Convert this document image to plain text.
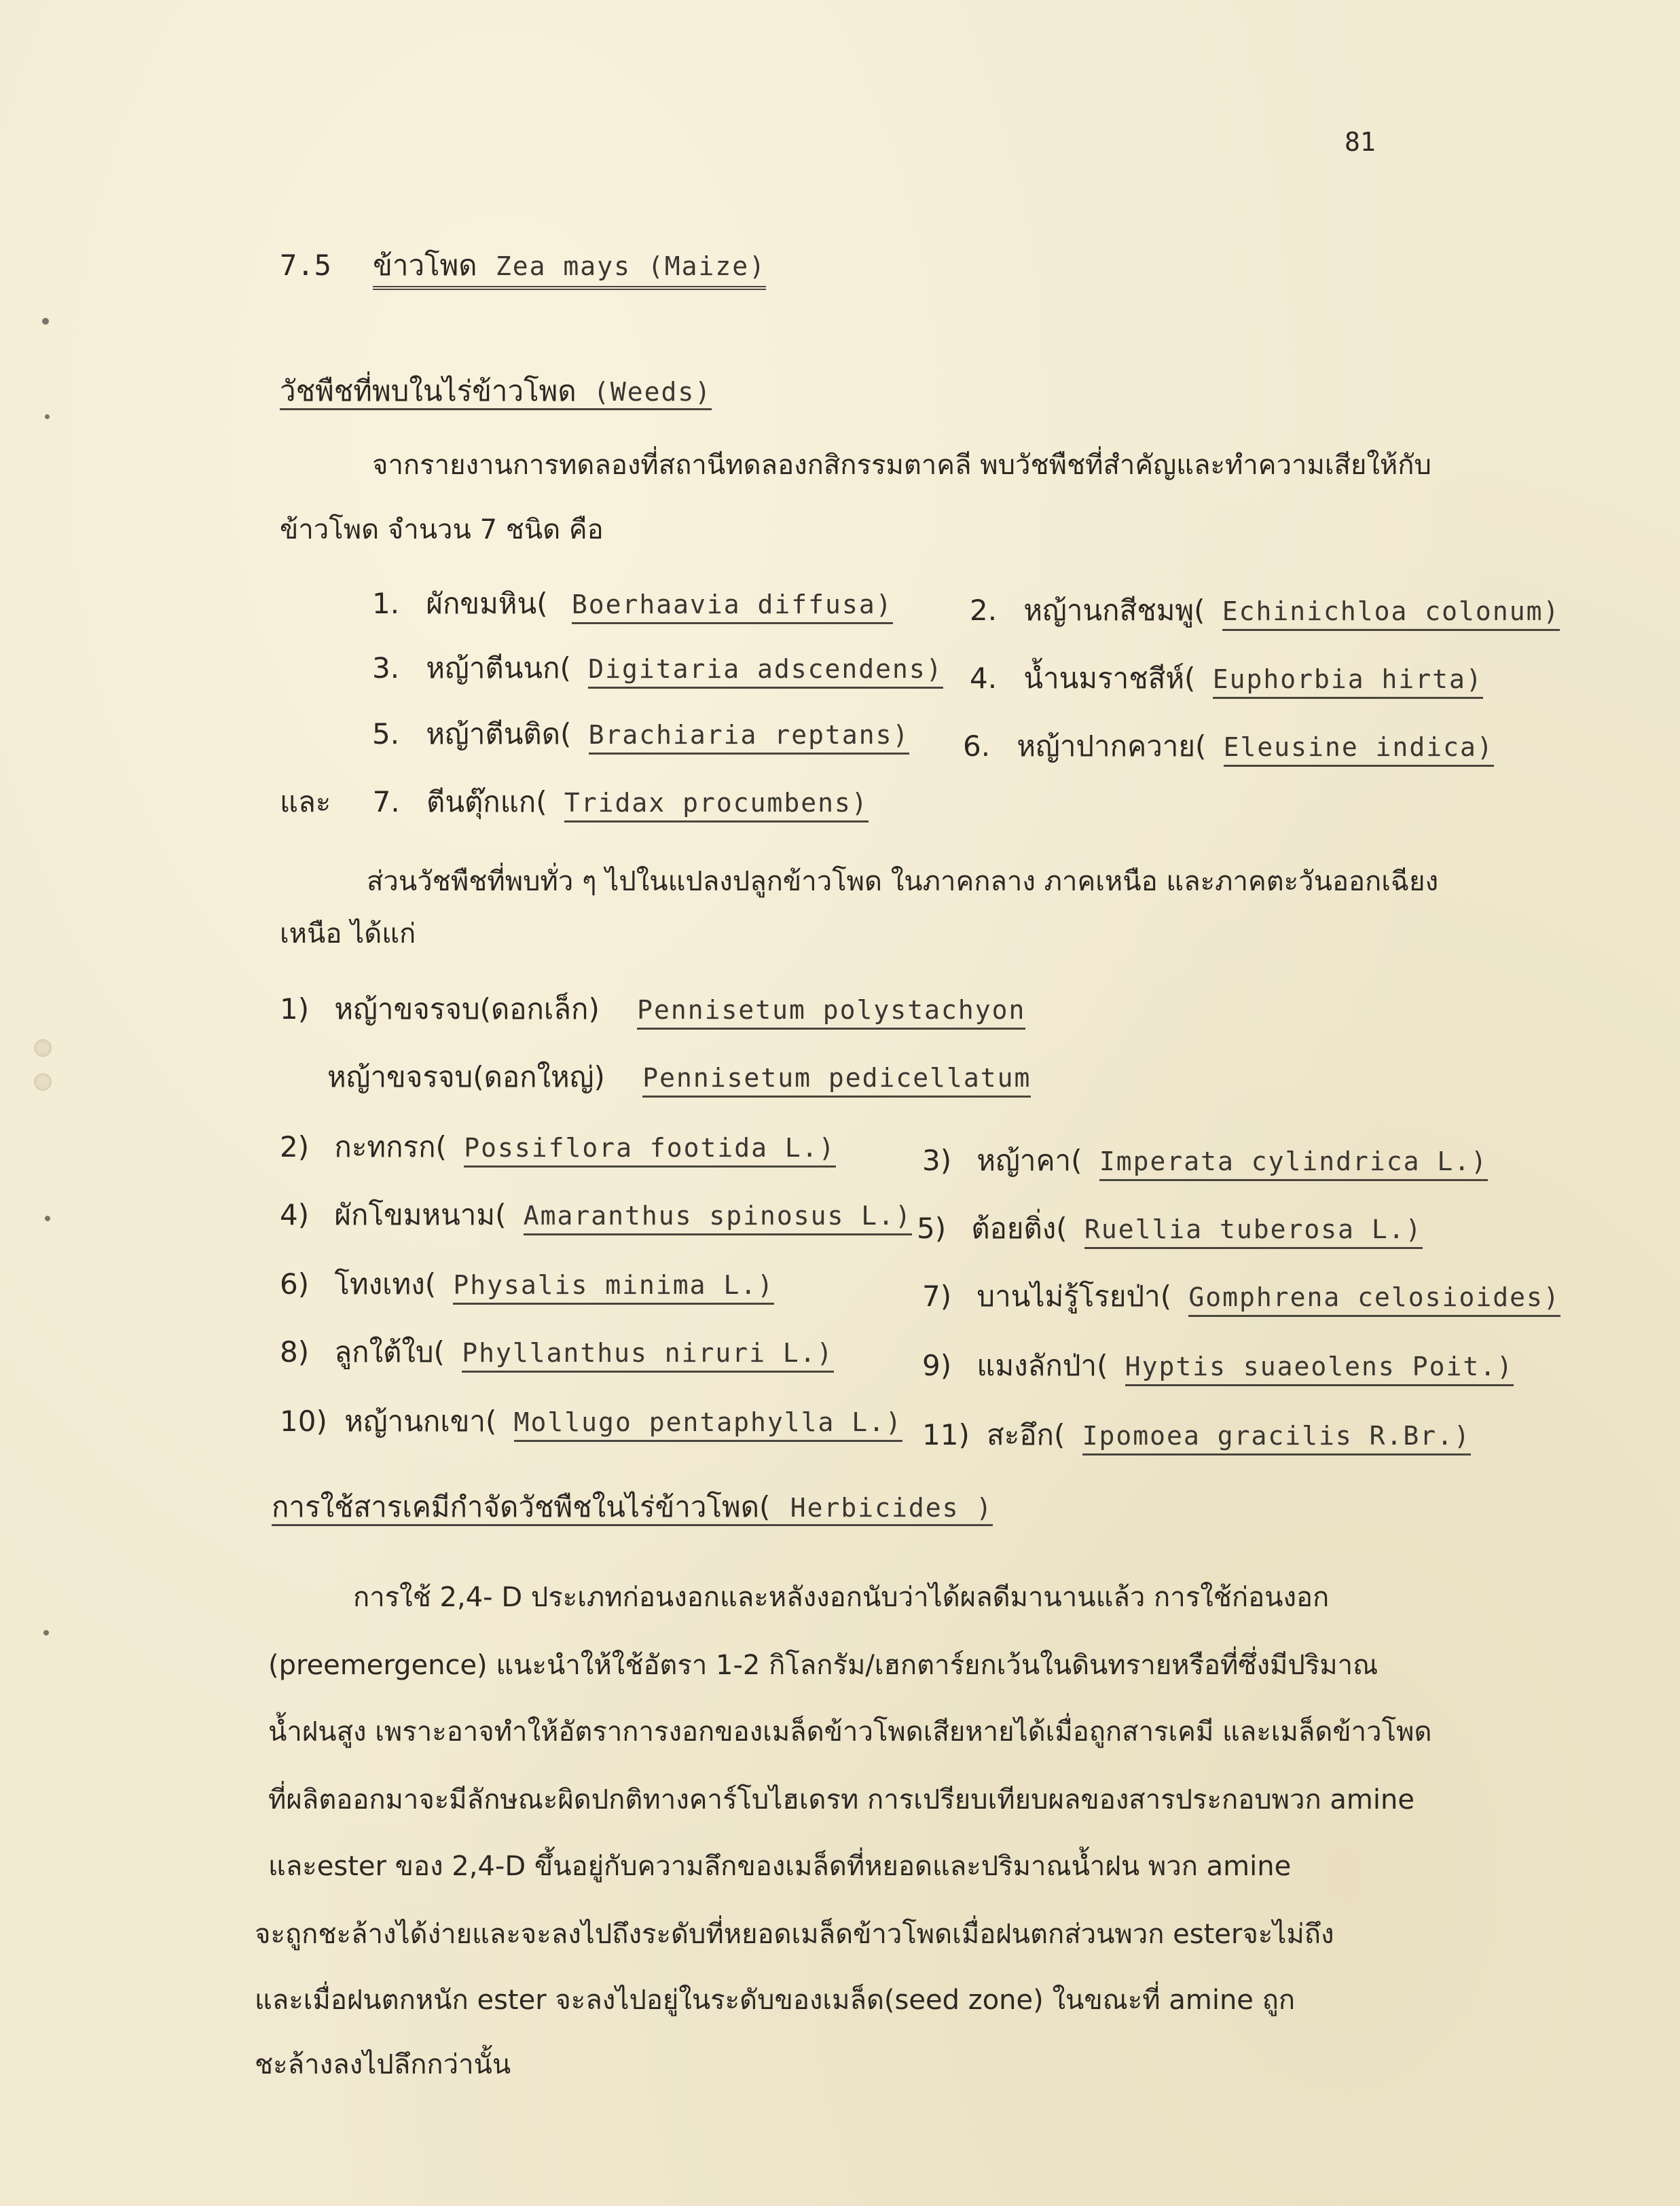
81
7.5 ข้าวโพด Zea mays (Maize)
วัชพืชที่พบในไร่ข้าวโพด (Weeds)
จากรายงานการทดลองที่สถานีทดลองกสิกรรมตาคลี พบวัชพืชที่สำคัญและทำความเสียให้กับ
ข้าวโพด จำนวน 7 ชนิด คือ
1. ผักขมหิน( Boerhaavia diffusa)	2. หญ้านกสีชมพู( Echinichloa colonum)
3. หญ้าตีนนก( Digitaria adscendens) 4. น้ำนมราชสีห์( Euphorbia hirta)
5. หญ้าตีนติด( Brachiaria reptans) 6. หญ้าปากควาย( Eleusine indica)
และ 7. ตีนตุ๊กแก( Tridax procumbens)
ส่วนวัชพืชที่พบทั่ว ๆ ไปในแปลงปลูกข้าวโพด ในภาคกลาง ภาคเหนือ และภาคตะวันออกเฉียง
เหนือ ได้แก่
1) หญ้าขจรจบ(ดอกเล็ก) Pennisetum polystachyon
หญ้าขจรจบ(ดอกใหญ่) Pennisetum pedicellatum
2) กะทกรก( Possiflora footida L.)	3) หญ้าคา( Imperata cylindrica L.)
4) ผักโขมหนาม( Amaranthus spinosus L.) 5) ต้อยติ่ง( Ruellia tuberosa L.)
6) โทงเทง( Physalis minima L.)	7) บานไม่รู้โรยป่า( Gomphrena celosioides)
8) ลูกใต้ใบ( Phyllanthus niruri L.)	9) แมงลักป่า( Hyptis suaeolens Poit.)
10) หญ้านกเขา( Mollugo pentaphylla L.) 11) สะอึก( Ipomoea gracilis R.Br.)
การใช้สารเคมีกำจัดวัชพืชในไร่ข้าวโพด( Herbicides )
การใช้ 2,4- D ประเภทก่อนงอกและหลังงอกนับว่าได้ผลดีมานานแล้ว การใช้ก่อนงอก
(preemergence) แนะนำให้ใช้อัตรา 1-2 กิโลกรัม/เฮกตาร์ยกเว้นในดินทรายหรือที่ซึ่งมีปริมาณ
น้ำฝนสูง เพราะอาจทำให้อัตราการงอกของเมล็ดข้าวโพดเสียหายได้เมื่อถูกสารเคมี และเมล็ดข้าวโพด
ที่ผลิตออกมาจะมีลักษณะผิดปกติทางคาร์โบไฮเดรท การเปรียบเทียบผลของสารประกอบพวก amine
และester ของ 2,4-D ขึ้นอยู่กับความลึกของเมล็ดที่หยอดและปริมาณน้ำฝน พวก amine
จะถูกชะล้างได้ง่ายและจะลงไปถึงระดับที่หยอดเมล็ดข้าวโพดเมื่อฝนตกส่วนพวก esterจะไม่ถึง
และเมื่อฝนตกหนัก ester จะลงไปอยู่ในระดับของเมล็ด(seed zone) ในขณะที่ amine ถูก
ชะล้างลงไปลึกกว่านั้น
